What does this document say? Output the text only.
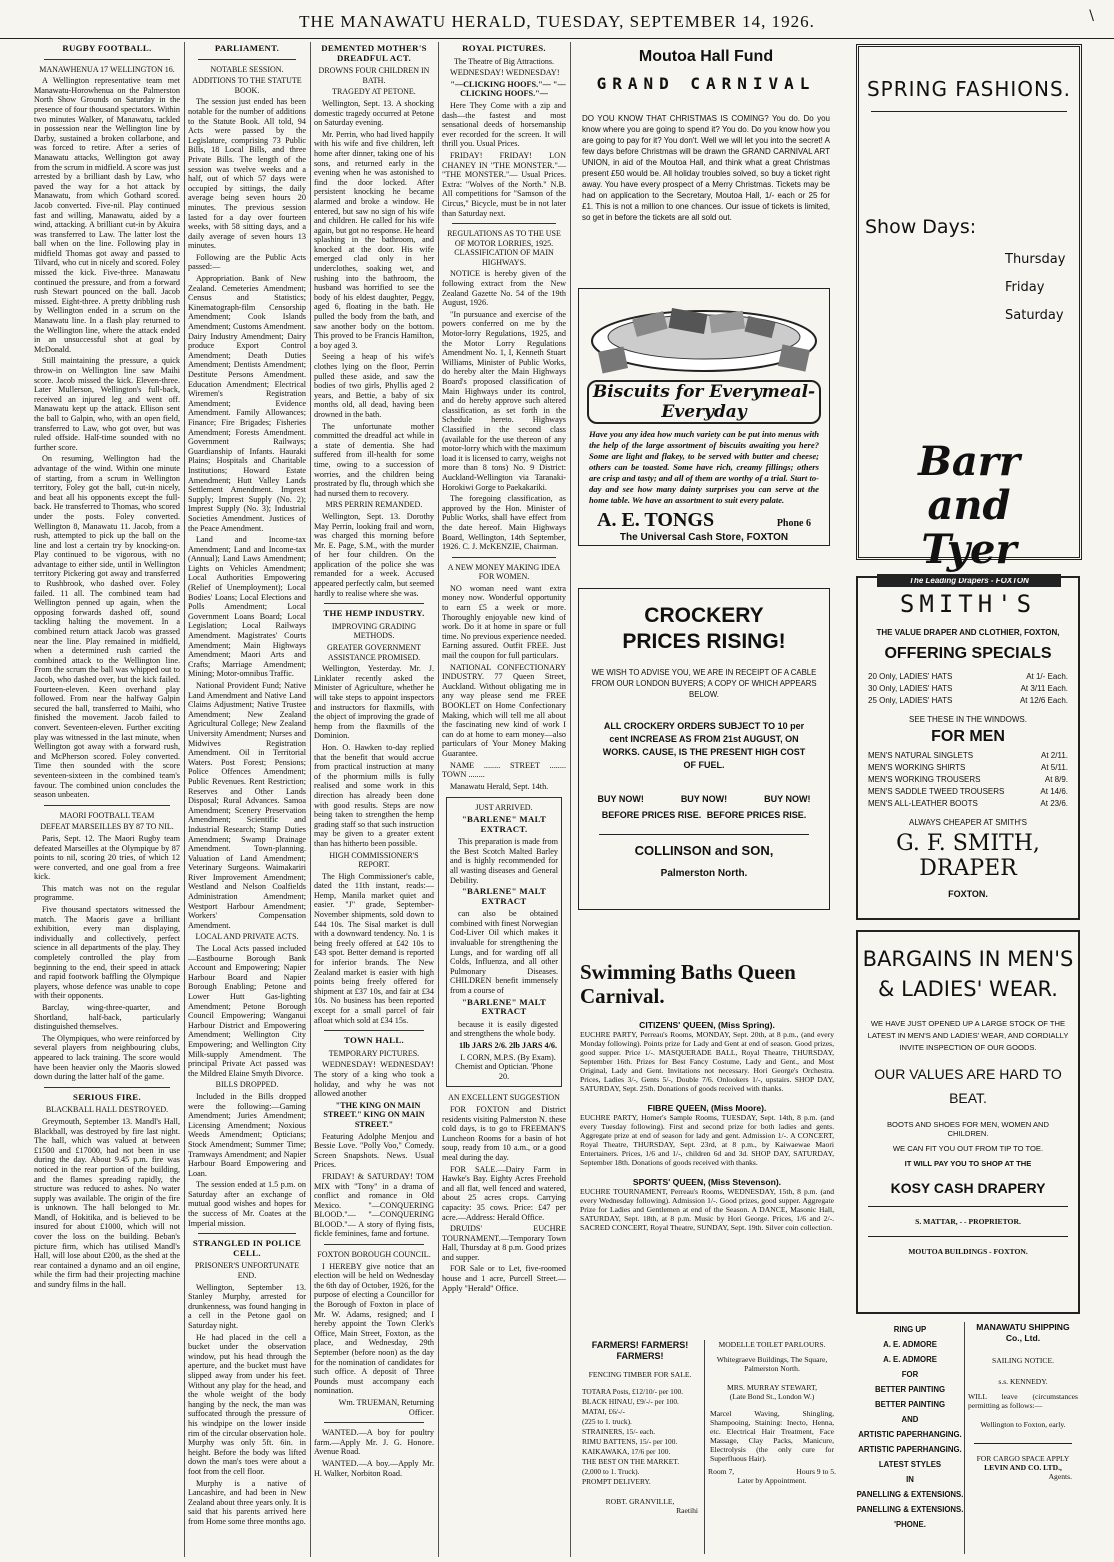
THE MANAWATU HERALD, TUESDAY, SEPTEMBER 14, 1926.	\
RUGBY FOOTBALL.
MANAWHENUA 17 WELLINGTON 16.

A Wellington representative team met Manawatu-Horowhenua on the Palmerston North Show Grounds on Saturday in the presence of four thousand spectators. Within two minutes Walker, of Manawatu, tackled in possession near the Wellington line by Darby, sustained a broken collarbone, and was forced to retire. After a series of Manawatu attacks, Wellington got away from the scrum in midfield. A score was just arrested by a brilliant dash by Law, who paved the way for a hot attack by Manawatu, from which Gothard scored. Jacob converted. Five-nil. Play continued fast and willing, Manawatu, aided by a wind, attacking. A brilliant cut-in by Akuira was transferred to Law. The latter lost the ball when on the line. Following play in midfield Thomas got away and passed to Tilvard, who cut in nicely and scored. Foley missed the kick. Five-three. Manawatu continued the pressure, and from a forward rush Stewart pounced on the ball. Jacob missed. Eight-three. A pretty dribbling rush by Wellington ended in a scrum on the Manawatu line. In a flash play returned to the Wellington line, where the attack ended in an unsuccessful shot at goal by McDonald.

Still maintaining the pressure, a quick throw-in on Wellington line saw Maihi score. Jacob missed the kick. Eleven-three. Later Mullerson, Wellington's full-back, received an injured leg and went off. Manawatu kept up the attack. Ellison sent the ball to Galpin, who, with an open field, transferred to Law, who got over, but was ruled offside. Half-time sounded with no further score.

On resuming, Wellington had the advantage of the wind. Within one minute of starting, from a scrum in Wellington territory, Foley got the ball, cut-in nicely, and beat all his opponents except the full-back. He transferred to Thomas, who scored under the posts. Foley converted. Wellington 8, Manawatu 11. Jacob, from a rush, attempted to pick up the ball on the line and lost a certain try by knocking-on. Play continued to be vigorous, with no advantage to either side, until in Wellington territory Pickering got away and transferred to Rushbrook, who dashed over. Foley failed. 11 all. The combined team had Wellington penned up again, when the opposing forwards dashed off, sound tackling halting the movement. In a combined return attack Jacob was grassed near the line. Play remained in midfield, when a determined rush carried the combined attack to the Wellington line. From the scrum the ball was whipped out to Jacob, who dashed over, but the kick failed. Fourteen-eleven. Keen overhand play followed. From near the halfway Galpin secured the ball, transferred to Maihi, who finished the movement. Jacob failed to convert. Seventeen-eleven. Further exciting play was witnessed in the last minute, when Wellington got away with a forward rush, and McPherson scored. Foley converted. Time then sounded with the score seventeen-sixteen in the combined team's favour. The combined union concludes the season unbeaten.

MAORI FOOTBALL TEAM
DEFEAT MARSEILLES BY 87 TO NIL.

Paris, Sept. 12. The Maori Rugby team defeated Marseilles at the Olympique by 87 points to nil, scoring 20 tries, of which 12 were converted, and one goal from a free kick.

This match was not on the regular programme.

Five thousand spectators witnessed the match. The Maoris gave a brilliant exhibition, every man displaying, individually and collectively, perfect science in all departments of the play. They completely controlled the play from beginning to the end, their speed in attack and rapid footwork baffling the Olympique players, whose defence was unable to cope with their opponents.

Barclay, wing-three-quarter, and Shortland, half-back, particularly distinguished themselves.

The Olympiques, who were reinforced by several players from neighbouring clubs, appeared to lack training. The score would have been heavier only the Maoris slowed down during the latter half of the game.

SERIOUS FIRE.
BLACKBALL HALL DESTROYED.

Greymouth, September 13. Mandl's Hall, Blackball, was destroyed by fire last night. The hall, which was valued at between £1500 and £17000, had not been in use during the day. About 9.45 p.m. fire was noticed in the rear portion of the building, and the flames spreading rapidly, the structure was reduced to ashes. No water supply was available. The origin of the fire is unknown. The hall belonged to Mr. Mandl, of Hokitika, and is believed to be insured for about £1000, which will not cover the loss on the building. Beban's picture firm, which has utilised Mandl's Hall, will lose about £200, as the shed at the rear contained a dynamo and an oil engine, while the firm had their projecting machine and sundry films in the hall.

PARLIAMENT.
NOTABLE SESSION.
ADDITIONS TO THE STATUTE BOOK.

The session just ended has been notable for the number of additions to the Statute Book. All told, 94 Acts were passed by the Legislature, comprising 73 Public Bills, 18 Local Bills, and three Private Bills. The length of the session was twelve weeks and a half, out of which 57 days were occupied by sittings, the daily average being seven hours 20 minutes. The previous session lasted for a day over fourteen weeks, with 58 sitting days, and a daily average of seven hours 13 minutes.

Following are the Public Acts passed:—

Appropriation. Bank of New Zealand. Cemeteries Amendment; Census and Statistics; Kinematograph-film Censorship Amendment; Cook Islands Amendment; Customs Amendment. Dairy Industry Amendment; Dairy produce Export Control Amendment; Death Duties Amendment; Dentists Amendment; Destitute Persons Amendment. Education Amendment; Electrical Wiremen's Registration Amendment; Evidence Amendment. Family Allowances; Finance; Fire Brigades; Fisheries Amendment; Forests Amendment. Government Railways; Guardianship of Infants. Hauraki Plains; Hospitals and Charitable Institutions; Howard Estate Amendment; Hutt Valley Lands Settlement Amendment. Imprest Supply; Imprest Supply (No. 2); Imprest Supply (No. 3); Industrial Societies Amendment. Justices of the Peace Amendment.

Land and Income-tax Amendment; Land and Income-tax (Annual); Land Laws Amendment; Lights on Vehicles Amendment; Local Authorities Empowering (Relief of Unemployment); Local Bodies' Loans; Local Elections and Polls Amendment; Local Government Loans Board; Local Legislation; Local Railways Amendment. Magistrates' Courts Amendment; Main Highways Amendment; Maori Arts and Crafts; Marriage Amendment; Mining; Motor-omnibus Traffic.

National Provident Fund; Native Land Amendment and Native Land Claims Adjustment; Native Trustee Amendment; New Zealand Agricultural College; New Zealand University Amendment; Nurses and Midwives Registration Amendment. Oil in Territorial Waters. Post Forest; Pensions; Police Offences Amendment; Public Revenues. Rent Restriction; Reserves and Other Lands Disposal; Rural Advances. Samoa Amendment; Scenery Preservation Amendment; Scientific and Industrial Research; Stamp Duties Amendment; Swamp Drainage Amendment. Town-planning. Valuation of Land Amendment; Veterinary Surgeons. Waimakariri River Improvement Amendment; Westland and Nelson Coalfields Administration Amendment; Westport Harbour Amendment; Workers' Compensation Amendment.

LOCAL AND PRIVATE ACTS.

The Local Acts passed included—Eastbourne Borough Bank Account and Empowering; Napier Harbour Board and Napier Borough Enabling; Petone and Lower Hutt Gas-lighting Amendment; Petone Borough Council Empowering; Wanganui Harbour District and Empowering Amendment; Wellington City Empowering; and Wellington City Milk-supply Amendment. The principal Private Act passed was the Mildred Elaine Smyth Divorce.

BILLS DROPPED.

Included in the Bills dropped were the following:—Gaming Amendment; Juries Amendment; Licensing Amendment; Noxious Weeds Amendment; Opticians; Stock Amendment; Summer Time; Tramways Amendment; and Napier Harbour Board Empowering and Loan.

The session ended at 1.5 p.m. on Saturday after an exchange of mutual good wishes and hopes for the success of Mr. Coates at the Imperial mission.

STRANGLED IN POLICE CELL.
PRISONER'S UNFORTUNATE END.

Wellington, September 13. Stanley Murphy, arrested for drunkenness, was found hanging in a cell in the Petone gaol on Saturday night.

He had placed in the cell a bucket under the observation window, put his head through the aperture, and the bucket must have slipped away from under his feet. Without any play for the head, and the whole weight of the body hanging by the neck, the man was suffocated through the pressure of his windpipe on the lower inside rim of the circular observation hole. Murphy was only 5ft. 6in. in height. Before the body was lifted down the man's toes were about a foot from the cell floor.

Murphy is a native of Lancashire, and had been in New Zealand about three years only. It is said that his parents arrived here from Home some three months ago.

DEMENTED MOTHER'S DREADFUL ACT.
DROWNS FOUR CHILDREN IN BATH.
TRAGEDY AT PETONE.

Wellington, Sept. 13. A shocking domestic tragedy occurred at Petone on Saturday evening.

Mr. Perrin, who had lived happily with his wife and five children, left home after dinner, taking one of his sons, and returned early in the evening when he was astonished to find the door locked. After persistent knocking he became alarmed and broke a window. He entered, but saw no sign of his wife and children. He called for his wife again, but got no response. He heard splashing in the bathroom, and knocked at the door. His wife emerged clad only in her underclothes, soaking wet, and rushing into the bathroom, the husband was horrified to see the body of his eldest daughter, Peggy, aged 6, floating in the bath. He pulled the body from the bath, and saw another body on the bottom. This proved to be Francis Hamilton, a boy aged 3.

Seeing a heap of his wife's clothes lying on the floor, Perrin pulled these aside, and saw the bodies of two girls, Phyllis aged 2 years, and Bettie, a baby of six months old, all dead, having been drowned in the bath.

The unfortunate mother committed the dreadful act while in a state of dementia. She had suffered from ill-health for some time, owing to a succession of worries, and the children being prostrated by flu, through which she had nursed them to recovery.

MRS PERRIN REMANDED.

Wellington, Sept. 13. Dorothy May Perrin, looking frail and worn, was charged this morning before Mr. E. Page, S.M., with the murder of her four children. On the application of the police she was remanded for a week. Accused appeared perfectly calm, but seemed hardly to realise where she was.

THE HEMP INDUSTRY.
IMPROVING GRADING METHODS.
GREATER GOVERNMENT ASSISTANCE PROMISED.

Wellington, Yesterday. Mr. J. Linklater recently asked the Minister of Agriculture, whether he will take steps to appoint inspectors and instructors for flaxmills, with the object of improving the grade of hemp from the flaxmills of the Dominion.

Hon. O. Hawken to-day replied that the benefit that would accrue from practical instruction at many of the phormium mills is fully realised and some work in this direction has already been done with good results. Steps are now being taken to strengthen the hemp grading staff so that such instruction may be given to a greater extent than has hitherto been possible.

HIGH COMMISSIONER'S REPORT.

The High Commissioner's cable, dated the 11th instant, reads:— Hemp, Manila market quiet and easier. "J" grade, September-November shipments, sold down to £44 10s. The Sisal market is dull with a downward tendency. No. 1 is being freely offered at £42 10s to £43 spot. Better demand is reported for inferior brands. The New Zealand market is easier with high points being freely offered for shipment at £37 10s, and fair at £34 10s. No business has been reported except for a small parcel of fair afloat which sold at £34 15s.

TOWN HALL.
TEMPORARY PICTURES.

WEDNESDAY! WEDNESDAY! The story of a king who took a holiday, and why he was not allowed another

"THE KING ON MAIN STREET." KING ON MAIN STREET."

Featuring Adolphe Menjou and Bessie Love. "Polly Voo," Comedy. Screen Snapshots. News. Usual Prices.

FRIDAY! & SATURDAY! TOM MIX with "Tony" in a drama of conflict and romance in Old Mexico. "—CONQUERING BLOOD."— "—CONQUERING BLOOD."— A story of flying fists, fickle feminines, fame and fortune.

FOXTON BOROUGH COUNCIL.

I HEREBY give notice that an election will be held on Wednesday the 6th day of October, 1926, for the purpose of electing a Councillor for the Borough of Foxton in place of Mr. W. Adams, resigned; and I hereby appoint the Town Clerk's Office, Main Street, Foxton, as the place, and Wednesday, 29th September (before noon) as the day for the nomination of candidates for such office. A deposit of Three Pounds must accompany each nomination.

Wm. TRUEMAN, Returning Officer.

WANTED.—A boy for poultry farm.—Apply Mr. J. G. Honore. Avenue Road.

WANTED.—A boy.—Apply Mr. H. Walker, Norbiton Road.

ROYAL PICTURES.
The Theatre of Big Attractions.

WEDNESDAY! WEDNESDAY!

"—CLICKING HOOFS."— "—CLICKING HOOFS."—

Here They Come with a zip and dash—the fastest and most sensational deeds of horsemanship ever recorded for the screen. It will thrill you. Usual Prices.

FRIDAY! FRIDAY! LON CHANEY IN "THE MONSTER."— "THE MONSTER."— Usual Prices. Extra: "Wolves of the North." N.B. All competitions for "Samson of the Circus," Bicycle, must be in not later than Saturday next.

REGULATIONS AS TO THE USE OF MOTOR LORRIES, 1925. CLASSIFICATION OF MAIN HIGHWAYS.

NOTICE is hereby given of the following extract from the New Zealand Gazette No. 54 of the 19th August, 1926.

"In pursuance and exercise of the powers conferred on me by the Motor-lorry Regulations, 1925, and the Motor Lorry Regulations Amendment No. 1, I, Kenneth Stuart Williams, Minister of Public Works, do hereby alter the Main Highways Board's proposed classification of Main Highways under its control, and do hereby approve such altered classification, as set forth in the Schedule hereto. Highways Classified in the second class (available for the use thereon of any motor-lorry which with the maximum load it is licensed to carry, weighs not more than 8 tons) No. 9 District: Auckland-Wellington via Taranaki-Horokiwi Gorge to Paekakariki.

The foregoing classification, as approved by the Hon. Minister of Public Works, shall have effect from the date hereof. Main Highways Board, Wellington, 14th September, 1926. C. J. McKENZIE, Chairman.

A NEW MONEY MAKING IDEA FOR WOMEN.

NO woman need want extra money now. Wonderful opportunity to earn £5 a week or more. Thoroughly enjoyable new kind of work. Do it at home in spare or full time. No previous experience needed. Earning assured. Outfit FREE. Just mail the coupon for full particulars.

NATIONAL CONFECTIONARY INDUSTRY. 77 Queen Street, Auckland. Without obligating me in any way please send me FREE BOOKLET on Home Confectionary Making, which will tell me all about the fascinating new kind of work I can do at home to earn money—also particulars of Your Money Making Guarantee.

NAME ........ STREET ........ TOWN ........

Manawatu Herald, Sept. 14th.

JUST ARRIVED.
"BARLENE" MALT EXTRACT.

This preparation is made from the Best Scotch Malted Barley and is highly recommended for all wasting diseases and General Debility.

"BARLENE" MALT EXTRACT

can also be obtained combined with finest Norwegian Cod-Liver Oil which makes it invaluable for strengthening the Lungs, and for warding off all Colds, Influenza, and all other Pulmonary Diseases. CHILDREN benefit immensely from a course of

"BARLENE" MALT EXTRACT

because it is easily digested and strengthens the whole body.

1lb JARS 2/6. 2lb JARS 4/6.

I. CORN, M.P.S. (By Exam). Chemist and Optician. 'Phone 20.

AN EXCELLENT SUGGESTION

FOR FOXTON and District residents visiting Palmerston N. these cold days, is to go to FREEMAN'S Luncheon Rooms for a basin of hot soup, ready from 10 a.m., or a good meal during the day.

FOR SALE.—Dairy Farm in Hawke's Bay. Eighty Acres Freehold and all flat, well fenced and watered, about 25 acres crops. Carrying capacity: 35 cows. Price: £47 per acre.—Address: Herald Office.

DRUIDS' EUCHRE TOURNAMENT.—Temporary Town Hall, Thursday at 8 p.m. Good prizes and supper.

FOR Sale or to Let, five-roomed house and 1 acre, Purcell Street.—Apply "Herald" Office.

Moutoa Hall Fund
GRAND CARNIVAL
DO YOU KNOW THAT CHRISTMAS IS COMING? You do. Do you know where you are going to spend it? You do. Do you know how you are going to pay for it? You don't. Well we will let you into the secret! A few days before Christmas will be drawn the GRAND CARNIVAL ART UNION, in aid of the Moutoa Hall, and think what a great Christmas present £50 would be. All holiday troubles solved, so buy a ticket right away. You have every prospect of a Merry Christmas. Tickets may be had on application to the Secretary, Moutoa Hall, 1/- each or 25 for £1. This is not a million to one chances. Our issue of tickets is limited, so get in before the tickets are all sold out.
Biscuits for Everymeal-Everyday
Have you any idea how much variety can be put into menus with the help of the large assortment of biscuits awaiting you here? Some are light and flakey, to be served with butter and cheese; others can be toasted. Some have rich, creamy fillings; others are crisp and tasty; and all of them are worthy of a trial. Start to-day and see how many dainty surprises you can serve at the home table. We have an assortment to suit every palate.
A. E. TONGS	Phone 6
The Universal Cash Store, FOXTON
CROCKERY PRICES RISING!
WE WISH TO ADVISE YOU, WE ARE IN RECEIPT OF A CABLE FROM OUR LONDON BUYERS; A COPY OF WHICH APPEARS BELOW.
ALL CROCKERY ORDERS SUBJECT TO 10 per cent INCREASE AS FROM 21st AUGUST, ON WORKS. CAUSE, IS THE PRESENT HIGH COST OF FUEL.
BUY NOW!	BUY NOW!	BUY NOW!
BEFORE PRICES RISE. BEFORE PRICES RISE.
COLLINSON and SON,
Palmerston North.
Swimming Baths Queen Carnival.
CITIZENS' QUEEN, (Miss Spring).
EUCHRE PARTY, Perreau's Rooms, MONDAY, Sept. 20th, at 8 p.m., (and every Monday following). Points prize for Lady and Gent at end of season. Good prizes, good supper. Price 1/-. MASQUERADE BALL, Royal Theatre, THURSDAY, September 16th. Prizes for Best Fancy Costume, Lady and Gent., and Most Original, Lady and Gent. Invitations not necessary. Hori George's Orchestra. Prices, Ladies 3/-, Gents 5/-, Double 7/6. Onlookers 1/-, upstairs. SHOP DAY, SATURDAY, Sept. 25th. Donations of goods received with thanks.
FIBRE QUEEN, (Miss Moore).
EUCHRE PARTY, Homer's Sample Rooms, TUESDAY, Sept. 14th, 8 p.m. (and every Tuesday following). First and second prize for both ladies and gents. Aggregate prize at end of season for lady and gent. Admission 1/-. A CONCERT, Royal Theatre, THURSDAY, Sept. 23rd, at 8 p.m., by Kaiwaewae Maori Entertainers. Prices, 1/6 and 1/-, children 6d and 3d. SHOP DAY, SATURDAY, September 18th. Donations of goods received with thanks.
SPORTS' QUEEN, (Miss Stevenson).
EUCHRE TOURNAMENT, Perreau's Rooms, WEDNESDAY, 15th, 8 p.m. (and every Wednesday following). Admission 1/-. Good prizes, good supper. Aggregate Prize for Ladies and Gentlemen at end of the Season. A DANCE, Masonic Hall, SATURDAY, Sept. 18th, at 8 p.m. Music by Hori George. Prices, 1/6 and 2/-. SACRED CONCERT, Royal Theatre, SUNDAY, Sept. 19th. Silver coin collection.
FARMERS! FARMERS! FARMERS!
FENCING TIMBER FOR SALE.
TOTARA Posts, £12/10/- per 100.
BLACK HINAU, £9/-/- per 100.
MATAI, £6/-/-
(225 to 1. truck).
STRAINERS, 15/- each.
RIMU BATTENS, 15/- per 100.
KAIKAWAKA, 17/6 per 100.
THE BEST ON THE MARKET.
(2,000 to 1. Truck).
PROMPT DELIVERY.
ROBT. GRANVILLE,
Raetihi
MODELLE TOILET PARLOURS.
Whitegraeve Buildings, The Square, Palmerston North.
MRS. MURRAY STEWART,
(Late Bond St., London W.)
Marcel Waving, Shingling, Shampooing, Staining: Inecto, Henna, etc. Electrical Hair Treatment, Face Massage, Clay Packs, Manicure, Electrolysis (the only cure for Superfluous Hair).
Room 7,	Hours 9 to 5.
Later by Appointment.
SPRING FASHIONS.
Show Days:
Thursday
Friday
Saturday
Barr and Tyer
The Leading Drapers - FOXTON
SMITH'S
THE VALUE DRAPER AND CLOTHIER, FOXTON,
OFFERING SPECIALS
20 Only, LADIES' HATS	At 1/- Each.
30 Only, LADIES' HATS	At 3/11 Each.
25 Only, LADIES' HATS	At 12/6 Each.
SEE THESE IN THE WINDOWS.
FOR MEN
MEN'S NATURAL SINGLETS	At 2/11.
MEN'S WORKING SHIRTS	At 5/11.
MEN'S WORKING TROUSERS	At 8/9.
MEN'S SADDLE TWEED TROUSERS	At 14/6.
MEN'S ALL-LEATHER BOOTS	At 23/6.
ALWAYS CHEAPER AT SMITH'S
G. F. SMITH, DRAPER
FOXTON.
BARGAINS IN MEN'S & LADIES' WEAR.
WE HAVE JUST OPENED UP A LARGE STOCK OF THE LATEST IN MEN'S AND LADIES' WEAR, AND CORDIALLY INVITE INSPECTION OF OUR GOODS.
OUR VALUES ARE HARD TO BEAT.
BOOTS AND SHOES FOR MEN, WOMEN AND CHILDREN.
WE CAN FIT YOU OUT FROM TIP TO TOE.
IT WILL PAY YOU TO SHOP AT THE
KOSY CASH DRAPERY
S. MATTAR, - - PROPRIETOR.
MOUTOA BUILDINGS - FOXTON.
RING UP
A. E. ADMORE
A. E. ADMORE
FOR
BETTER PAINTING
BETTER PAINTING
AND
ARTISTIC PAPERHANGING.
ARTISTIC PAPERHANGING.
LATEST STYLES
IN
PANELLING & EXTENSIONS.
PANELLING & EXTENSIONS.
'PHONE.
MANAWATU SHIPPING Co., Ltd.
SAILING NOTICE.
s.s. KENNEDY.
WILL leave (circumstances permitting as follows:—
Wellington to Foxton, early.
FOR CARGO SPACE APPLY
LEVIN AND CO. LTD.,
Agents.
